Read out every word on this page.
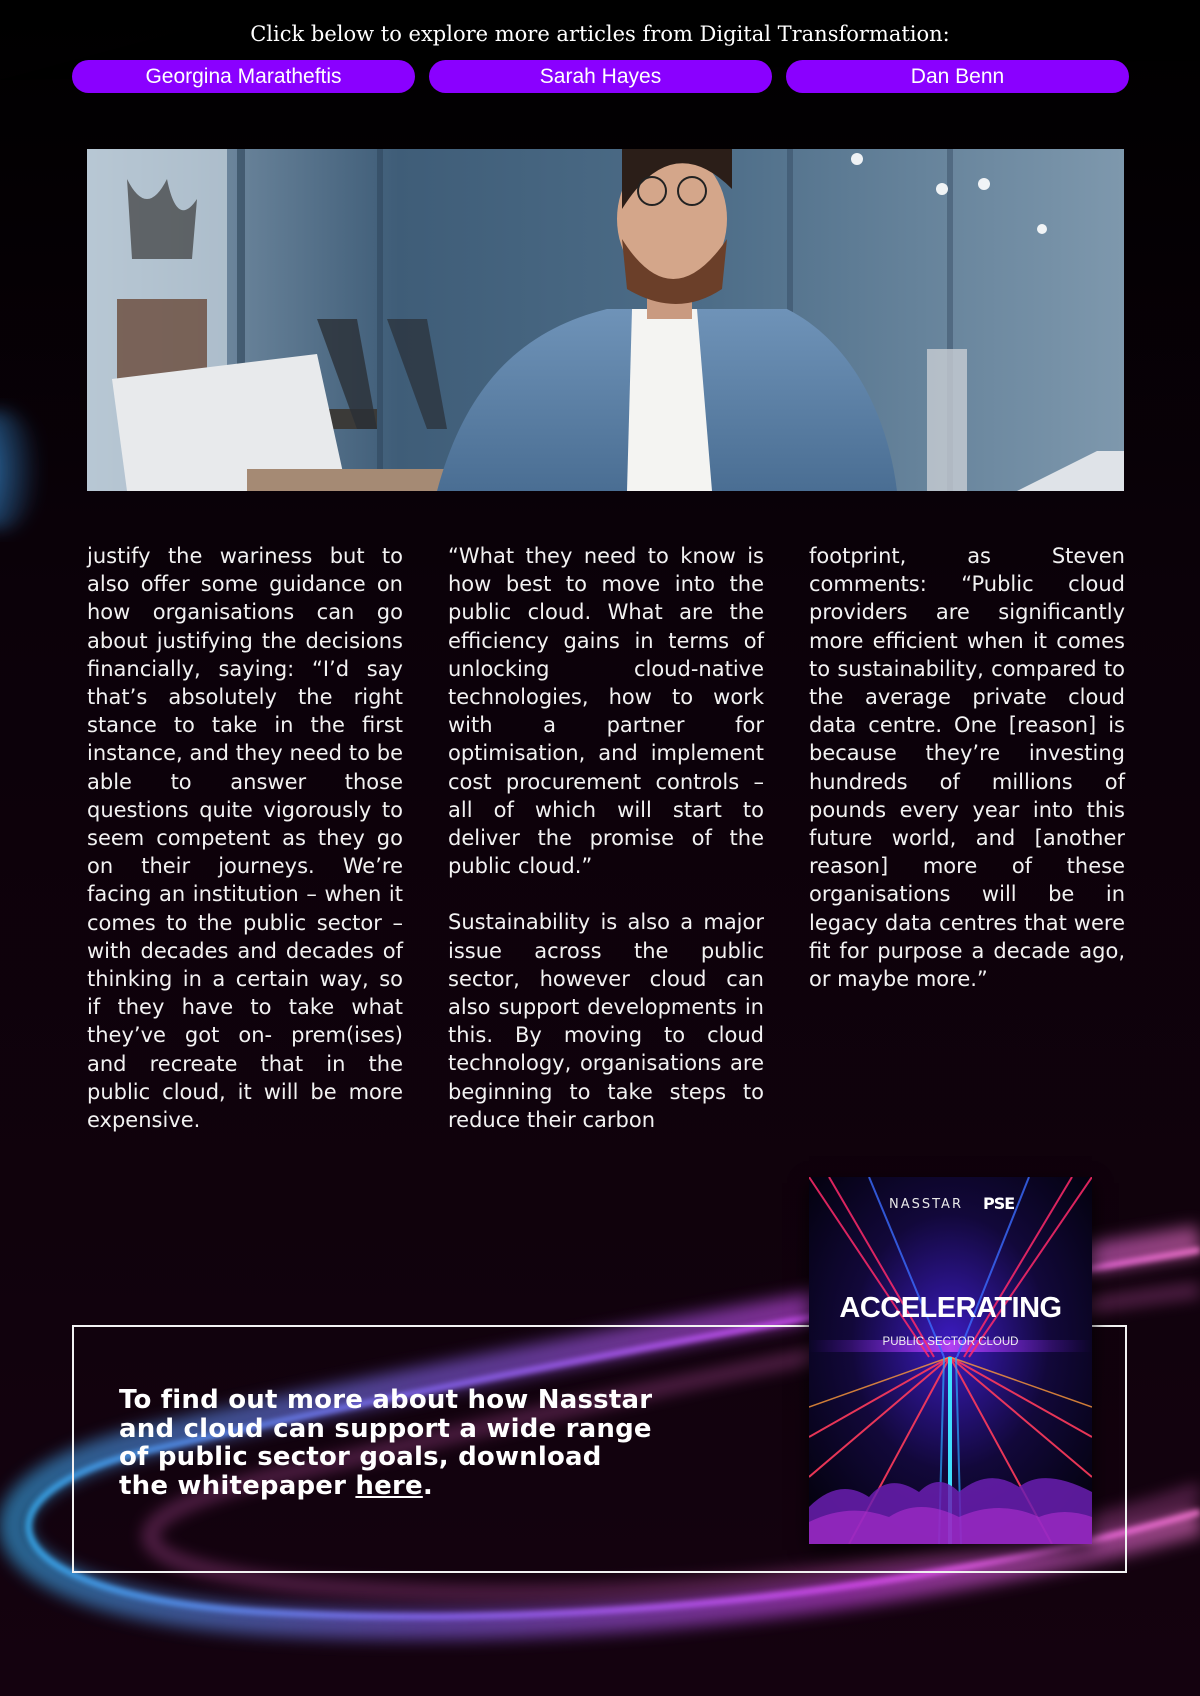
Click below to explore more articles from Digital Transformation:
Georgina Maratheftis	Sarah Hayes	Dan Benn

justify the wariness but to also offer some guidance on how organisations can go about justifying the decisions financially, saying: “I’d say that’s absolutely the right stance to take in the first instance, and they need to be able to answer those questions quite vigorously to seem competent as they go on their journeys. We’re facing an institution – when it comes to the public sector – with decades and decades of thinking in a certain way, so if they have to take what they’ve got on- prem(ises) and recreate that in the public cloud, it will be more expensive.

“What they need to know is how best to move into the public cloud. What are the efficiency gains in terms of unlocking cloud-native technologies, how to work with a partner for optimisation, and implement cost procurement controls – all of which will start to deliver the promise of the public cloud.”

Sustainability is also a major issue across the public sector, however cloud can also support developments in this. By moving to cloud technology, organisations are beginning to take steps to reduce their carbon

footprint, as Steven comments: “Public cloud providers are significantly more efficient when it comes to sustainability, compared to the average private cloud data centre. One [reason] is because they’re investing hundreds of millions of pounds every year into this future world, and [another reason] more of these organisations will be in legacy data centres that were fit for purpose a decade ago, or maybe more.”

To find out more about how Nasstar and cloud can support a wide range of public sector goals, download the whitepaper here.
NASSTAR PSE
ACCELERATING
PUBLIC SECTOR CLOUD
